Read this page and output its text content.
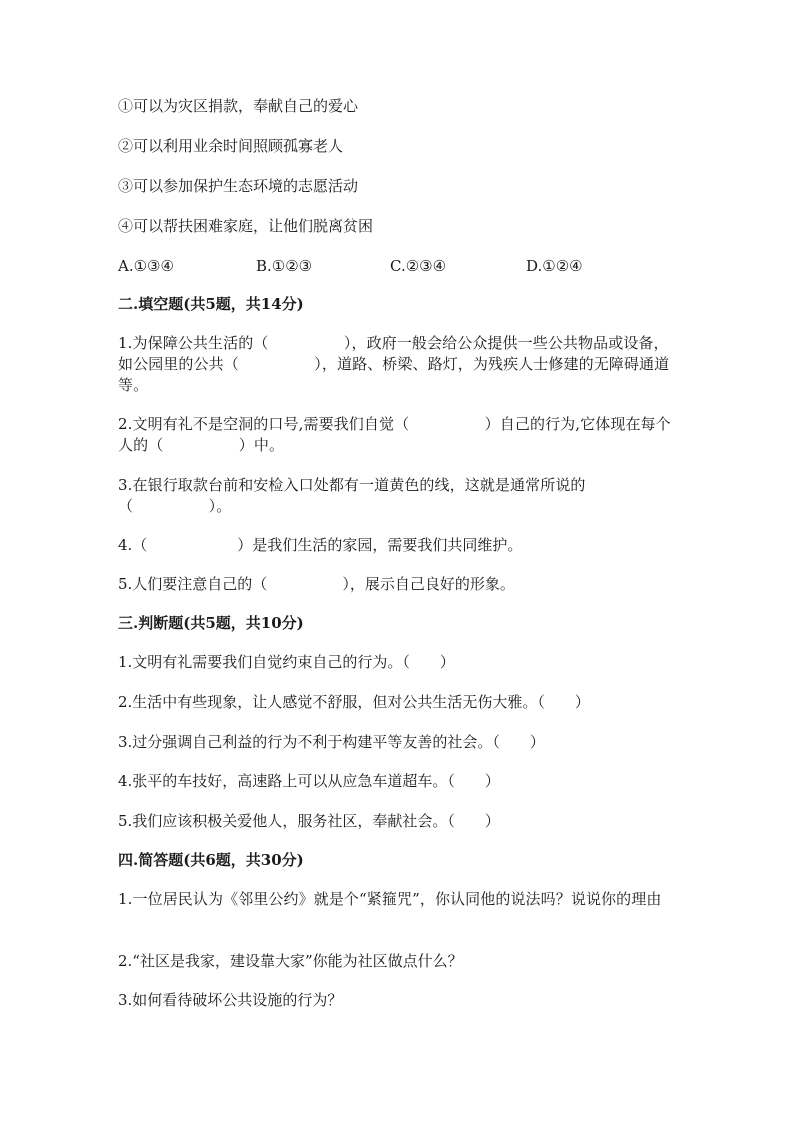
①可以为灾区捐款，奉献自己的爱心
②可以利用业余时间照顾孤寡老人
③可以参加保护生态环境的志愿活动
④可以帮扶困难家庭，让他们脱离贫困
A.①③④	B.①②③	C.②③④	D.①②④
二.填空题(共5题，共14分)
1.为保障公共生活的（　　　　　），政府一般会给公众提供一些公共物品或设备，如公园里的公共（　　　　　），道路、桥梁、路灯，为残疾人士修建的无障碍通道等。
2.文明有礼不是空洞的口号,需要我们自觉（　　　　　）自己的行为,它体现在每个人的（　　　　　）中。
3.在银行取款台前和安检入口处都有一道黄色的线，这就是通常所说的（　　　　　）。
4.（　　　　　　）是我们生活的家园，需要我们共同维护。
5.人们要注意自己的（　　　　　），展示自己良好的形象。
三.判断题(共5题，共10分)
1.文明有礼需要我们自觉约束自己的行为。（　　）
2.生活中有些现象，让人感觉不舒服，但对公共生活无伤大雅。（　　）
3.过分强调自己利益的行为不利于构建平等友善的社会。（　　）
4.张平的车技好，高速路上可以从应急车道超车。（　　）
5.我们应该积极关爱他人，服务社区，奉献社会。（　　）
四.简答题(共6题，共30分)
1.一位居民认为《邻里公约》就是个“紧箍咒”，你认同他的说法吗？说说你的理由
2.“社区是我家，建设靠大家”你能为社区做点什么？
3.如何看待破坏公共设施的行为？
